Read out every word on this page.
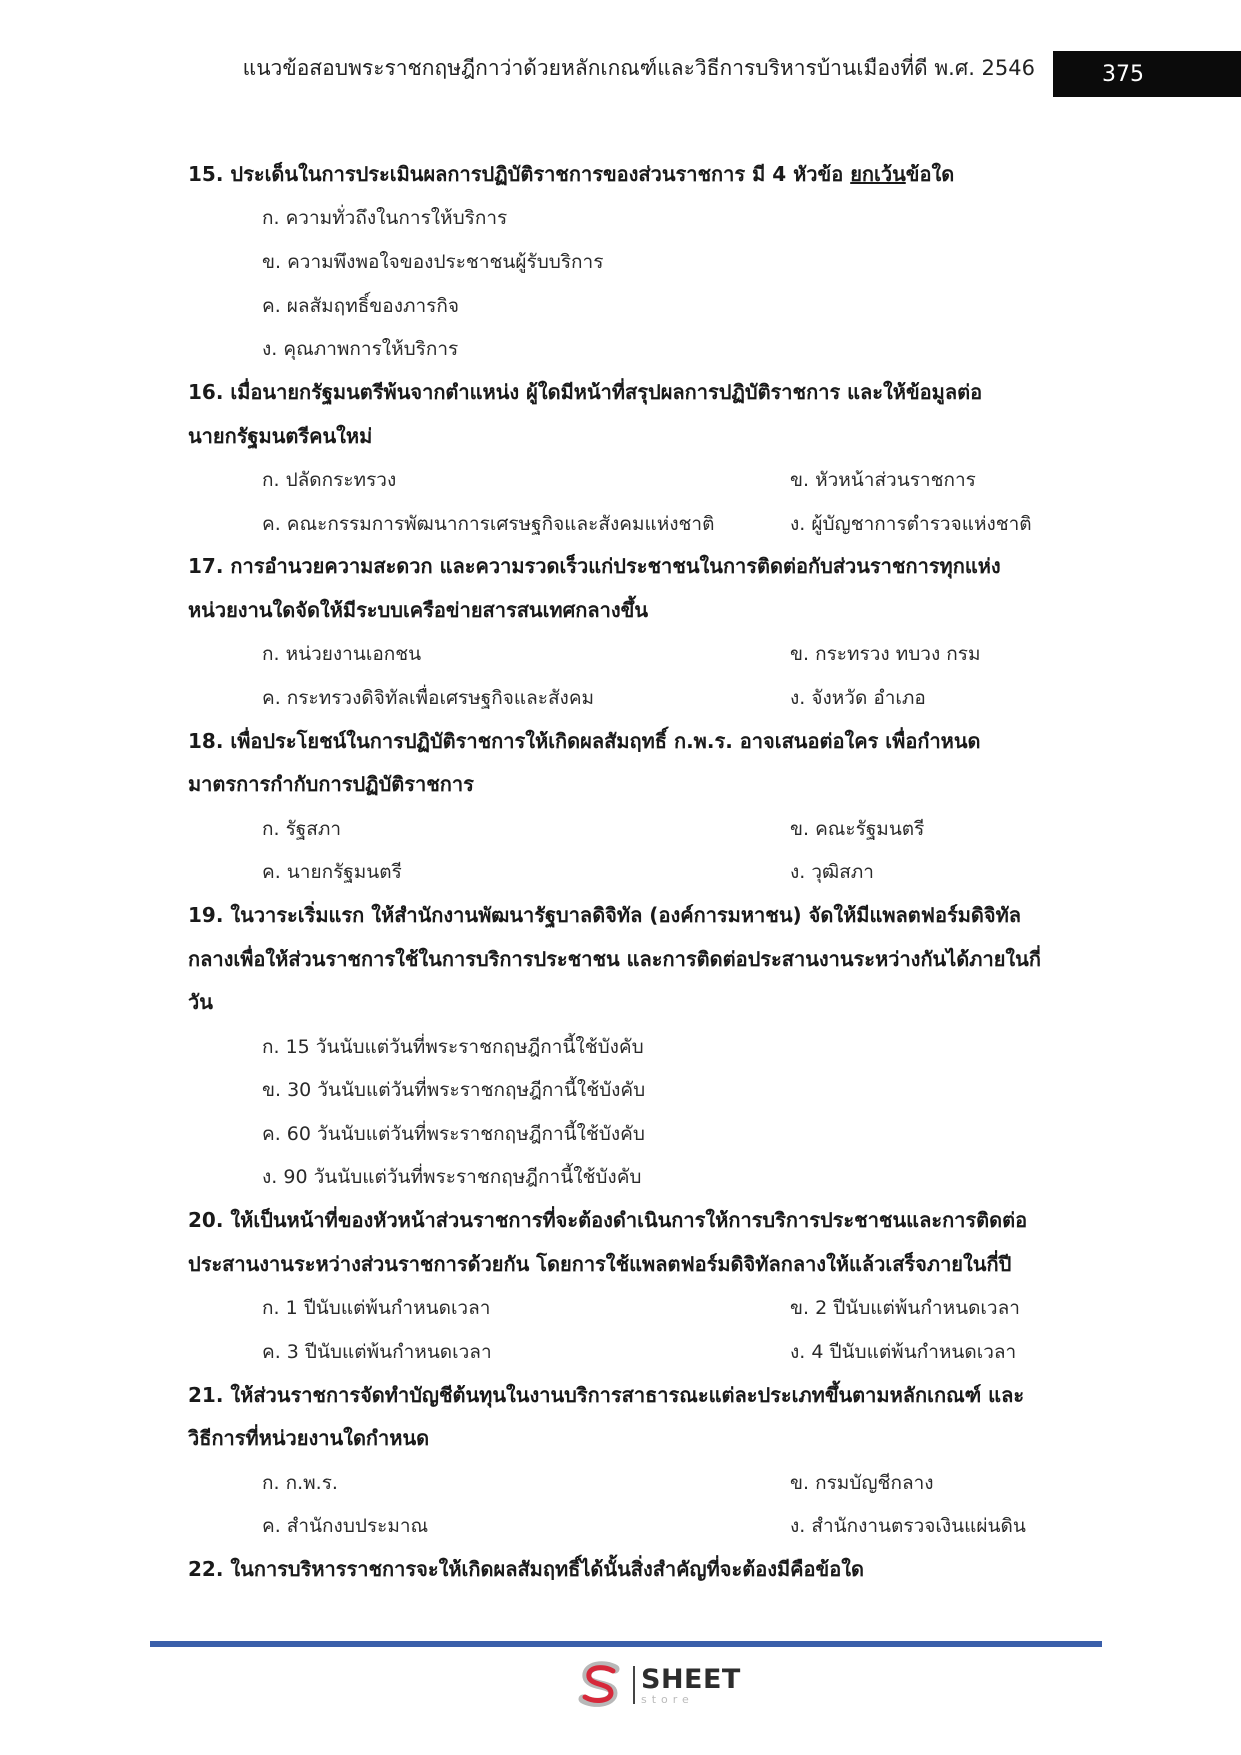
แนวข้อสอบพระราชกฤษฎีกาว่าด้วยหลักเกณฑ์และวิธีการบริหารบ้านเมืองที่ดี พ.ศ. 2546	375

15. ประเด็นในการประเมินผลการปฏิบัติราชการของส่วนราชการ มี 4 หัวข้อ ยกเว้นข้อใด

ก. ความทั่วถึงในการให้บริการ
ข. ความพึงพอใจของประชาชนผู้รับบริการ
ค. ผลสัมฤทธิ์ของภารกิจ
ง. คุณภาพการให้บริการ

16. เมื่อนายกรัฐมนตรีพ้นจากตำแหน่ง ผู้ใดมีหน้าที่สรุปผลการปฏิบัติราชการ และให้ข้อมูลต่อ
นายกรัฐมนตรีคนใหม่

ก. ปลัดกระทรวง	ข. หัวหน้าส่วนราชการ
ค. คณะกรรมการพัฒนาการเศรษฐกิจและสังคมแห่งชาติ	ง. ผู้บัญชาการตำรวจแห่งชาติ

17. การอำนวยความสะดวก และความรวดเร็วแก่ประชาชนในการติดต่อกับส่วนราชการทุกแห่ง
หน่วยงานใดจัดให้มีระบบเครือข่ายสารสนเทศกลางขึ้น

ก. หน่วยงานเอกชน	ข. กระทรวง ทบวง กรม
ค. กระทรวงดิจิทัลเพื่อเศรษฐกิจและสังคม	ง. จังหวัด อำเภอ

18. เพื่อประโยชน์ในการปฏิบัติราชการให้เกิดผลสัมฤทธิ์ ก.พ.ร. อาจเสนอต่อใคร เพื่อกำหนด
มาตรการกำกับการปฏิบัติราชการ

ก. รัฐสภา	ข. คณะรัฐมนตรี
ค. นายกรัฐมนตรี	ง. วุฒิสภา

19. ในวาระเริ่มแรก ให้สำนักงานพัฒนารัฐบาลดิจิทัล (องค์การมหาชน) จัดให้มีแพลตฟอร์มดิจิทัล
กลางเพื่อให้ส่วนราชการใช้ในการบริการประชาชน และการติดต่อประสานงานระหว่างกันได้ภายในกี่
วัน

ก. 15 วันนับแต่วันที่พระราชกฤษฎีกานี้ใช้บังคับ
ข. 30 วันนับแต่วันที่พระราชกฤษฎีกานี้ใช้บังคับ
ค. 60 วันนับแต่วันที่พระราชกฤษฎีกานี้ใช้บังคับ
ง. 90 วันนับแต่วันที่พระราชกฤษฎีกานี้ใช้บังคับ

20. ให้เป็นหน้าที่ของหัวหน้าส่วนราชการที่จะต้องดำเนินการให้การบริการประชาชนและการติดต่อ
ประสานงานระหว่างส่วนราชการด้วยกัน โดยการใช้แพลตฟอร์มดิจิทัลกลางให้แล้วเสร็จภายในกี่ปี

ก. 1 ปีนับแต่พ้นกำหนดเวลา	ข. 2 ปีนับแต่พ้นกำหนดเวลา
ค. 3 ปีนับแต่พ้นกำหนดเวลา	ง. 4 ปีนับแต่พ้นกำหนดเวลา

21. ให้ส่วนราชการจัดทำบัญชีต้นทุนในงานบริการสาธารณะแต่ละประเภทขึ้นตามหลักเกณฑ์ และ
วิธีการที่หน่วยงานใดกำหนด

ก. ก.พ.ร.	ข. กรมบัญชีกลาง
ค. สำนักงบประมาณ	ง. สำนักงานตรวจเงินแผ่นดิน

22. ในการบริหารราชการจะให้เกิดผลสัมฤทธิ์ได้นั้นสิ่งสำคัญที่จะต้องมีคือข้อใด

SHEET
store
